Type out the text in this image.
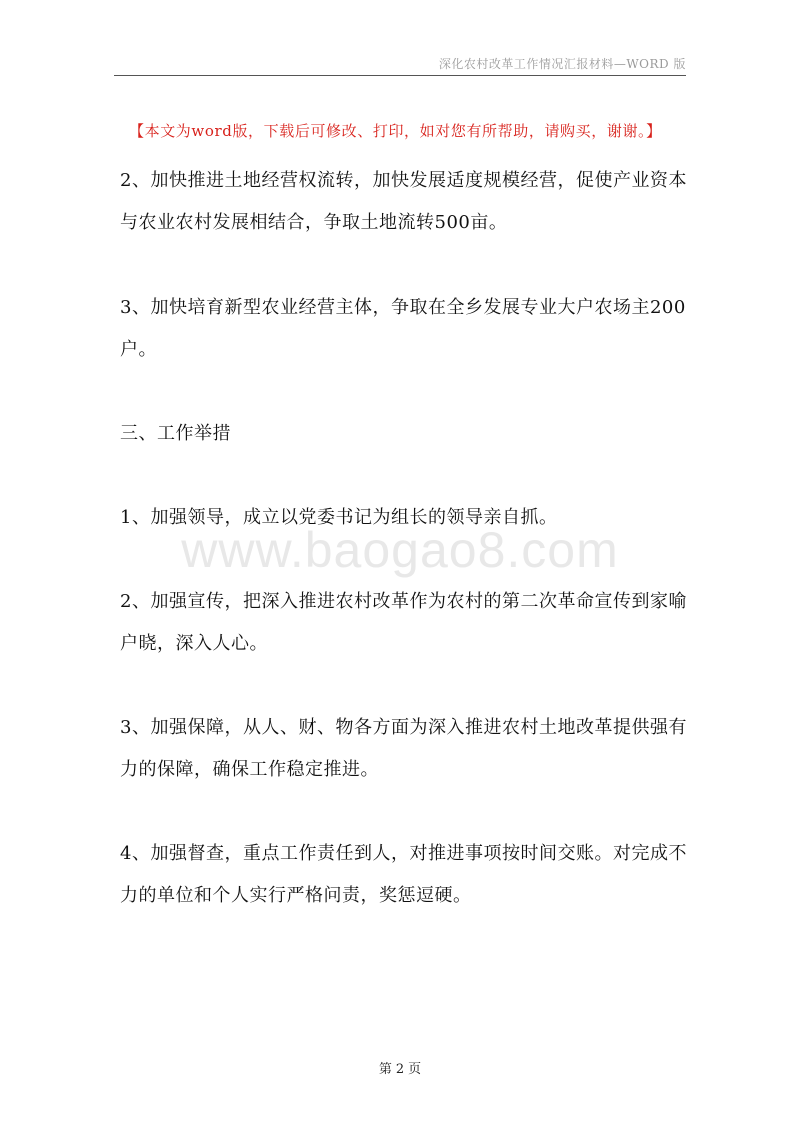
深化农村改革工作情况汇报材料—WORD 版
【本文为word版，下载后可修改、打印，如对您有所帮助，请购买，谢谢。】
www.baogao8.com

2、加快推进土地经营权流转，加快发展适度规模经营，促使产业资本与农业农村发展相结合，争取土地流转500亩。

3、加快培育新型农业经营主体，争取在全乡发展专业大户农场主200户。

三、工作举措

1、加强领导，成立以党委书记为组长的领导亲自抓。

2、加强宣传，把深入推进农村改革作为农村的第二次革命宣传到家喻户晓，深入人心。

3、加强保障，从人、财、物各方面为深入推进农村土地改革提供强有力的保障，确保工作稳定推进。

4、加强督查，重点工作责任到人，对推进事项按时间交账。对完成不力的单位和个人实行严格问责，奖惩逗硬。

第 2 页
